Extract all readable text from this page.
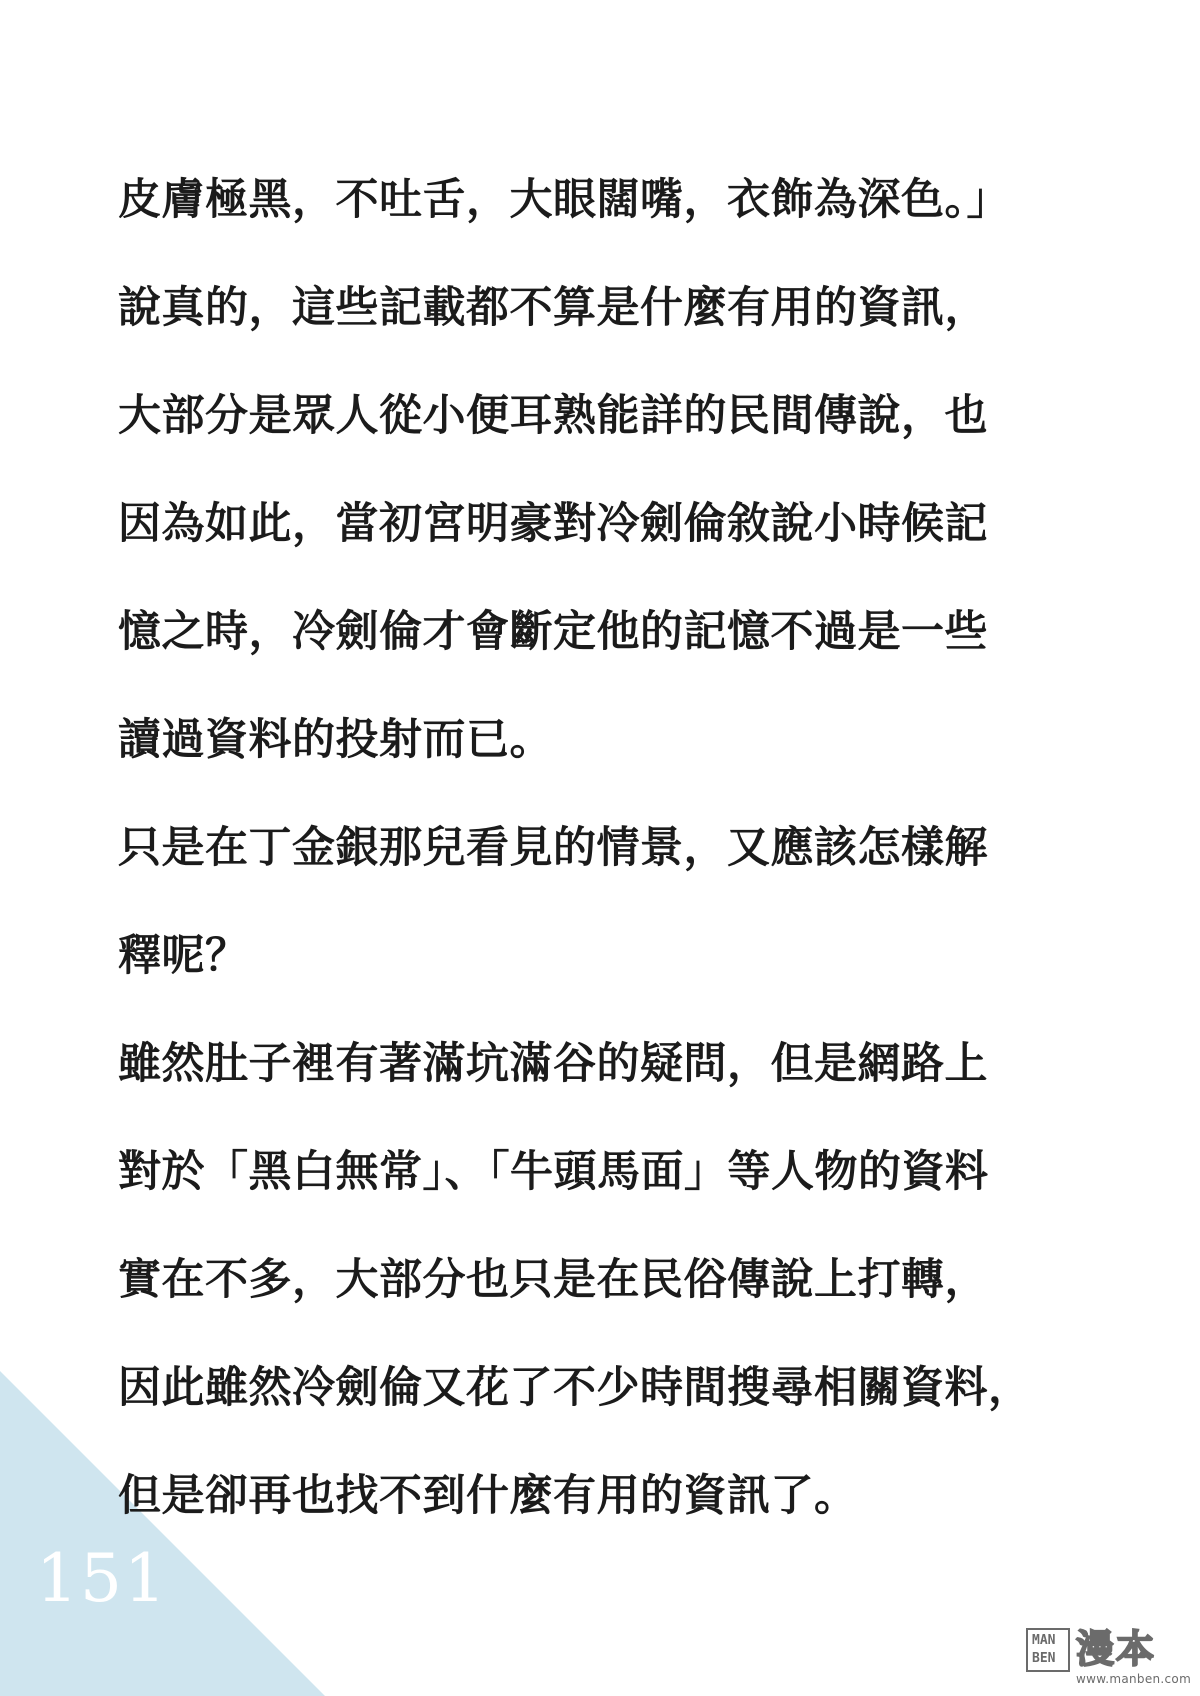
皮膚極黑，不吐舌，大眼闊嘴，衣飾為深色。」
說真的，這些記載都不算是什麼有用的資訊，
大部分是眾人從小便耳熟能詳的民間傳說，也
因為如此，當初宮明豪對冷劍倫敘說小時候記
憶之時，冷劍倫才會斷定他的記憶不過是一些
讀過資料的投射而已。
只是在丁金銀那兒看見的情景，又應該怎樣解
釋呢？
雖然肚子裡有著滿坑滿谷的疑問，但是網路上
對於「黑白無常」、「牛頭馬面」等人物的資料
實在不多，大部分也只是在民俗傳說上打轉，
因此雖然冷劍倫又花了不少時間搜尋相關資料，
但是卻再也找不到什麼有用的資訊了。
151
MAN
BEN 漫本
www.manben.com
